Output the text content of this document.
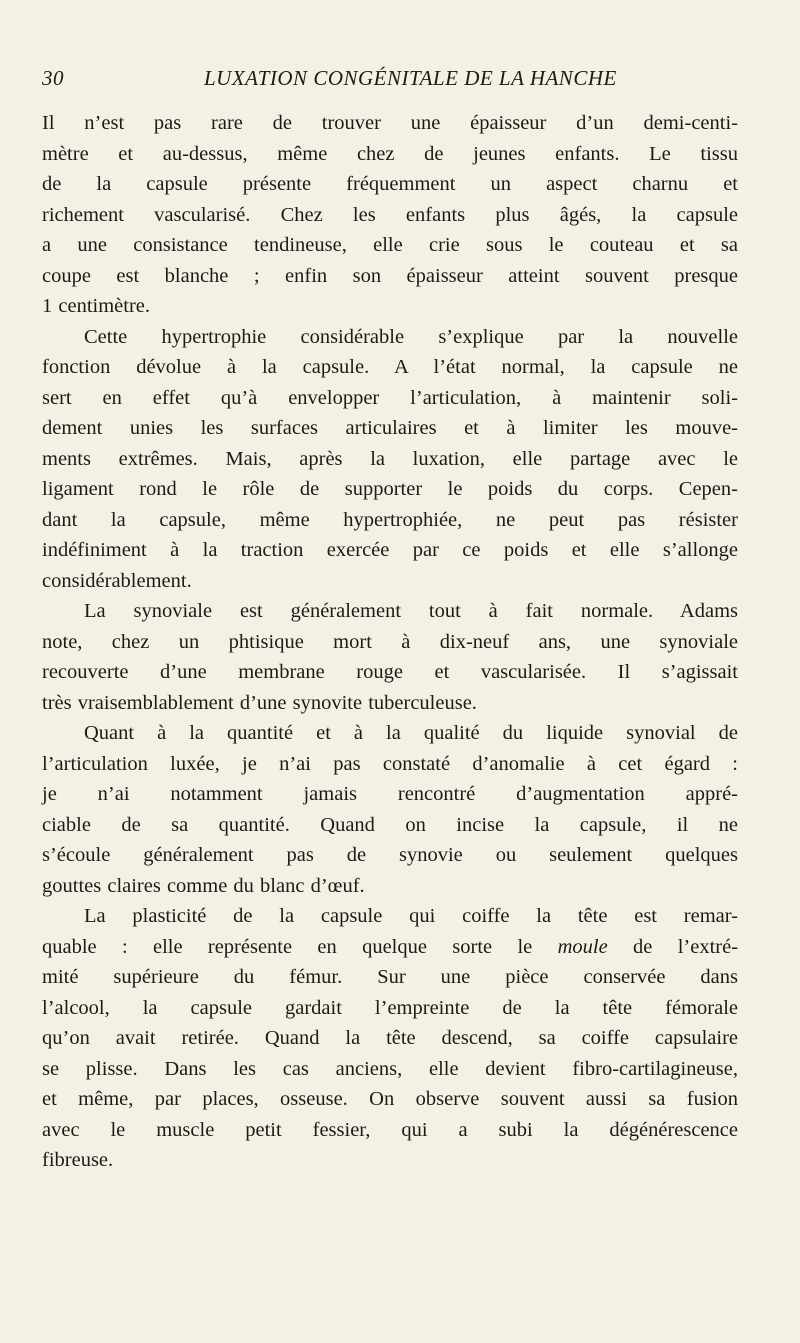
30	LUXATION CONGÉNITALE DE LA HANCHE
Il n’est pas rare de trouver une épaisseur d’un demi-centi-
mètre et au-dessus, même chez de jeunes enfants. Le tissu
de la capsule présente fréquemment un aspect charnu et
richement vascularisé. Chez les enfants plus âgés, la capsule
a une consistance tendineuse, elle crie sous le couteau et sa
coupe est blanche ; enfin son épaisseur atteint souvent presque
1 centimètre.
Cette hypertrophie considérable s’explique par la nouvelle
fonction dévolue à la capsule. A l’état normal, la capsule ne
sert en effet qu’à envelopper l’articulation, à maintenir soli-
dement unies les surfaces articulaires et à limiter les mouve-
ments extrêmes. Mais, après la luxation, elle partage avec le
ligament rond le rôle de supporter le poids du corps. Cepen-
dant la capsule, même hypertrophiée, ne peut pas résister
indéfiniment à la traction exercée par ce poids et elle s’allonge
considérablement.
La synoviale est généralement tout à fait normale. Adams
note, chez un phtisique mort à dix-neuf ans, une synoviale
recouverte d’une membrane rouge et vascularisée. Il s’agissait
très vraisemblablement d’une synovite tuberculeuse.
Quant à la quantité et à la qualité du liquide synovial de
l’articulation luxée, je n’ai pas constaté d’anomalie à cet égard :
je n’ai notamment jamais rencontré d’augmentation appré-
ciable de sa quantité. Quand on incise la capsule, il ne
s’écoule généralement pas de synovie ou seulement quelques
gouttes claires comme du blanc d’œuf.
La plasticité de la capsule qui coiffe la tête est remar-
quable : elle représente en quelque sorte le moule de l’extré-
mité supérieure du fémur. Sur une pièce conservée dans
l’alcool, la capsule gardait l’empreinte de la tête fémorale
qu’on avait retirée. Quand la tête descend, sa coiffe capsulaire
se plisse. Dans les cas anciens, elle devient fibro-cartilagineuse,
et même, par places, osseuse. On observe souvent aussi sa fusion
avec le muscle petit fessier, qui a subi la dégénérescence
fibreuse.
